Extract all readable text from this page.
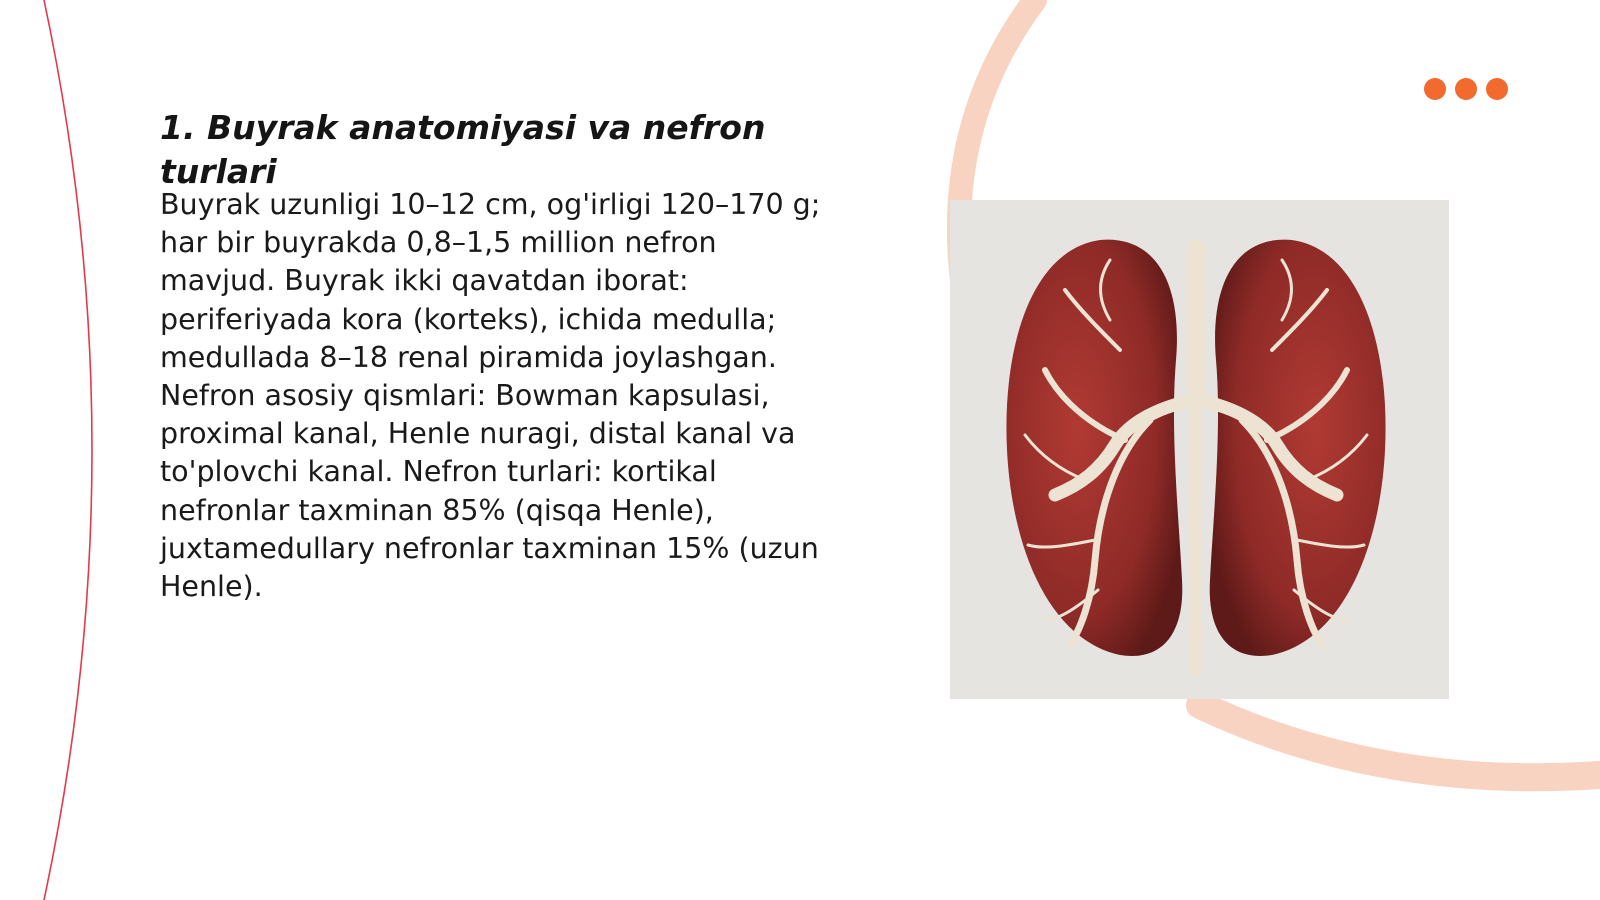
1. Buyrak anatomiyasi va nefron turlari

Buyrak uzunligi 10–12 cm, og'irligi 120–170 g; har bir buyrakda 0,8–1,5 million nefron mavjud. Buyrak ikki qavatdan iborat: periferiyada kora (korteks), ichida medulla; medullada 8–18 renal piramida joylashgan. Nefron asosiy qismlari: Bowman kapsulasi, proximal kanal, Henle nuragi, distal kanal va to'plovchi kanal. Nefron turlari: kortikal nefronlar taxminan 85% (qisqa Henle), juxtamedullary nefronlar taxminan 15% (uzun Henle).
